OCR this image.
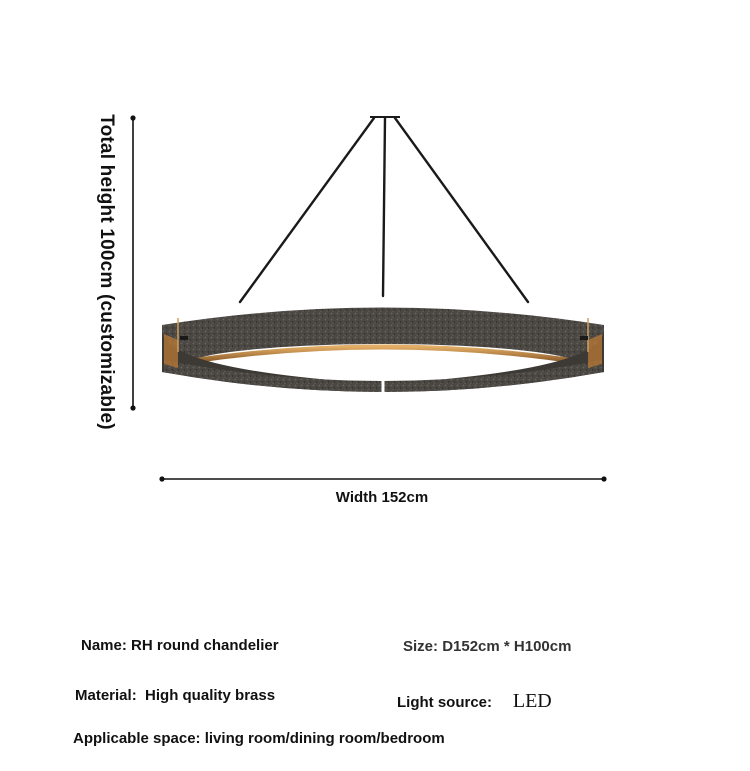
Total height 100cm (customizable)
Width 152cm
Name: RH round chandelier	Size: D152cm * H100cm
Material: High quality brass	Light source: LED
Applicable space: living room/dining room/bedroom
